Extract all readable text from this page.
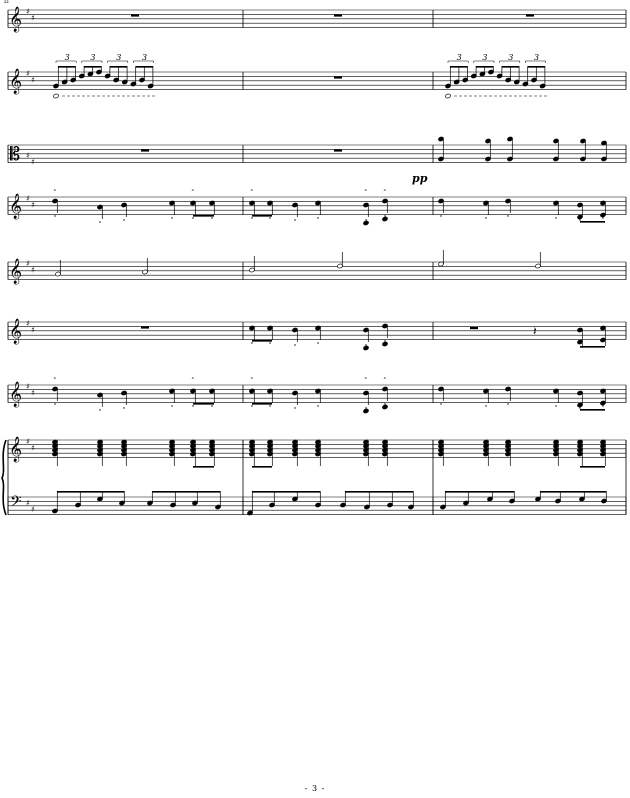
²²
𝄞 ♯
♯
𝄞 ♯
♯
𝄡 ♯
♯
𝄞 ♯
♯
𝄞 ♯
♯
𝄞 ♯
♯
𝄞 ♯
♯
𝄞 ♯
♯
𝄢 ♯
♯
3	3	3	3	3	3	3	3
˄	˄	˄	˄ ˄
˄	˄	˄	˄ ˄
𝄽
pp
- 3 -
